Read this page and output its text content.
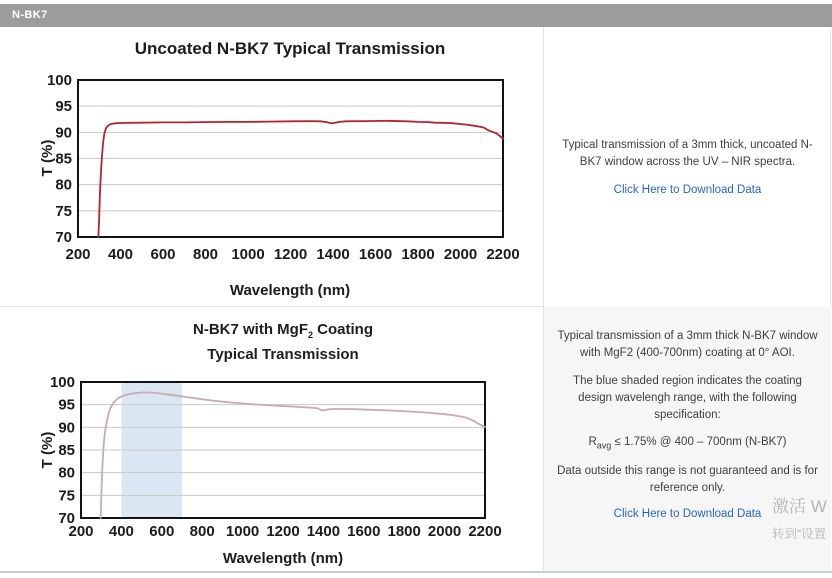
N-BK7
Uncoated N-BK7 Typical Transmission
T (%)
200 400 600 800 1000 1200 1400 1600 1800 2000 2200
70
75
80
85
90
95
100
Wavelength (nm)
N-BK7 with MgF$_2$ Coating
Typical Transmission
T (%)
200 400 600 800 1000 1200 1400 1600 1800 2000 2200
70
75
80
85
90
95
100
Wavelength (nm)

Typical transmission of a 3mm thick, uncoated N-BK7 window across the UV – NIR spectra.

Click Here to Download Data

Typical transmission of a 3mm thick N-BK7 window with MgF2 (400-700nm) coating at 0° AOI.

The blue shaded region indicates the coating design wavelengh range, with the following specification:

$R_{avg} \le 1.75\%$ @ 400 – 700nm (N-BK7)

Data outside this range is not guaranteed and is for reference only.

Click Here to Download Data 激活 W
转到“设置
